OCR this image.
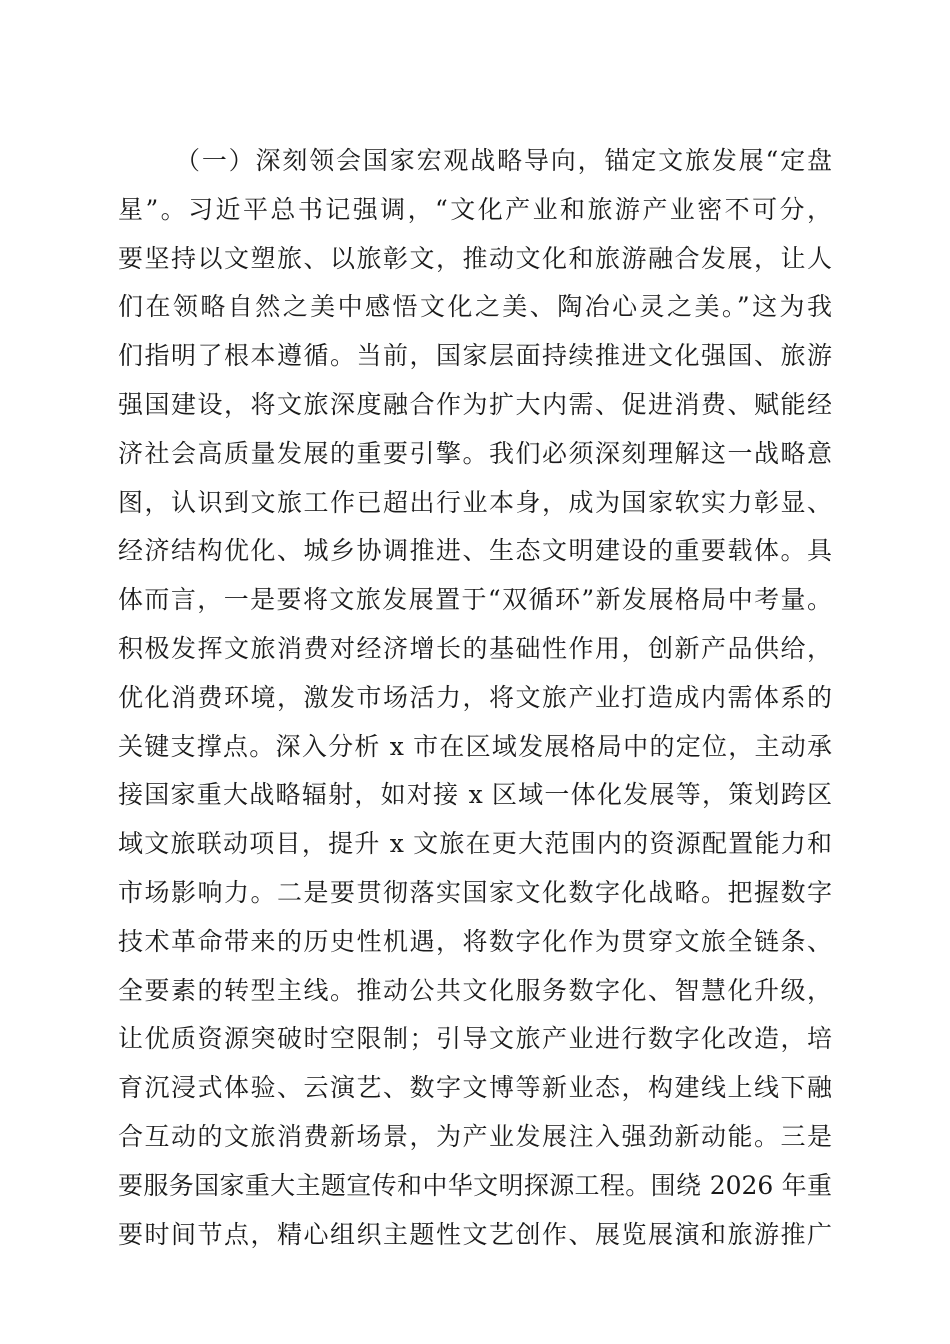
（一）深刻领会国家宏观战略导向，锚定文旅发展“定盘
星”。习近平总书记强调，“文化产业和旅游产业密不可分，
要坚持以文塑旅、以旅彰文，推动文化和旅游融合发展，让人
们在领略自然之美中感悟文化之美、陶冶心灵之美。”这为我
们指明了根本遵循。当前，国家层面持续推进文化强国、旅游
强国建设，将文旅深度融合作为扩大内需、促进消费、赋能经
济社会高质量发展的重要引擎。我们必须深刻理解这一战略意
图，认识到文旅工作已超出行业本身，成为国家软实力彰显、
经济结构优化、城乡协调推进、生态文明建设的重要载体。具
体而言，一是要将文旅发展置于“双循环”新发展格局中考量。
积极发挥文旅消费对经济增长的基础性作用，创新产品供给，
优化消费环境，激发市场活力，将文旅产业打造成内需体系的
关键支撑点。深入分析 x 市在区域发展格局中的定位，主动承
接国家重大战略辐射，如对接 x 区域一体化发展等，策划跨区
域文旅联动项目，提升 x 文旅在更大范围内的资源配置能力和
市场影响力。二是要贯彻落实国家文化数字化战略。把握数字
技术革命带来的历史性机遇，将数字化作为贯穿文旅全链条、
全要素的转型主线。推动公共文化服务数字化、智慧化升级，
让优质资源突破时空限制；引导文旅产业进行数字化改造，培
育沉浸式体验、云演艺、数字文博等新业态，构建线上线下融
合互动的文旅消费新场景，为产业发展注入强劲新动能。三是
要服务国家重大主题宣传和中华文明探源工程。围绕 2026 年重
要时间节点，精心组织主题性文艺创作、展览展演和旅游推广
